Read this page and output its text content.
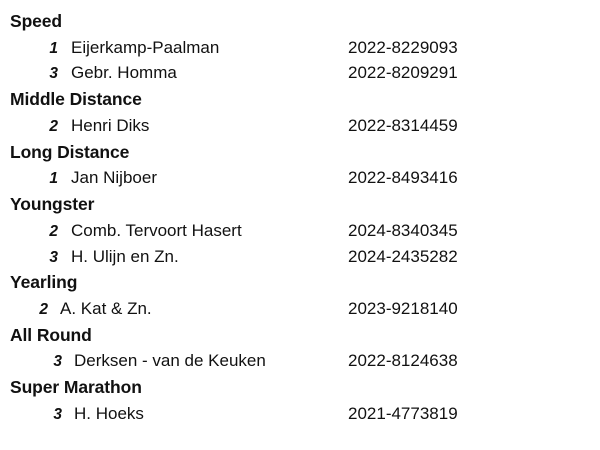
Speed
1 Eijerkamp-Paalman	2022-8229093
3 Gebr. Homma	2022-8209291
Middle Distance
2 Henri Diks	2022-8314459
Long Distance
1 Jan Nijboer	2022-8493416
Youngster
2 Comb. Tervoort Hasert	2024-8340345
3 H. Ulijn en Zn.	2024-2435282
Yearling
2 A. Kat & Zn.	2023-9218140
All Round
3 Derksen - van de Keuken	2022-8124638
Super Marathon
3 H. Hoeks	2021-4773819
